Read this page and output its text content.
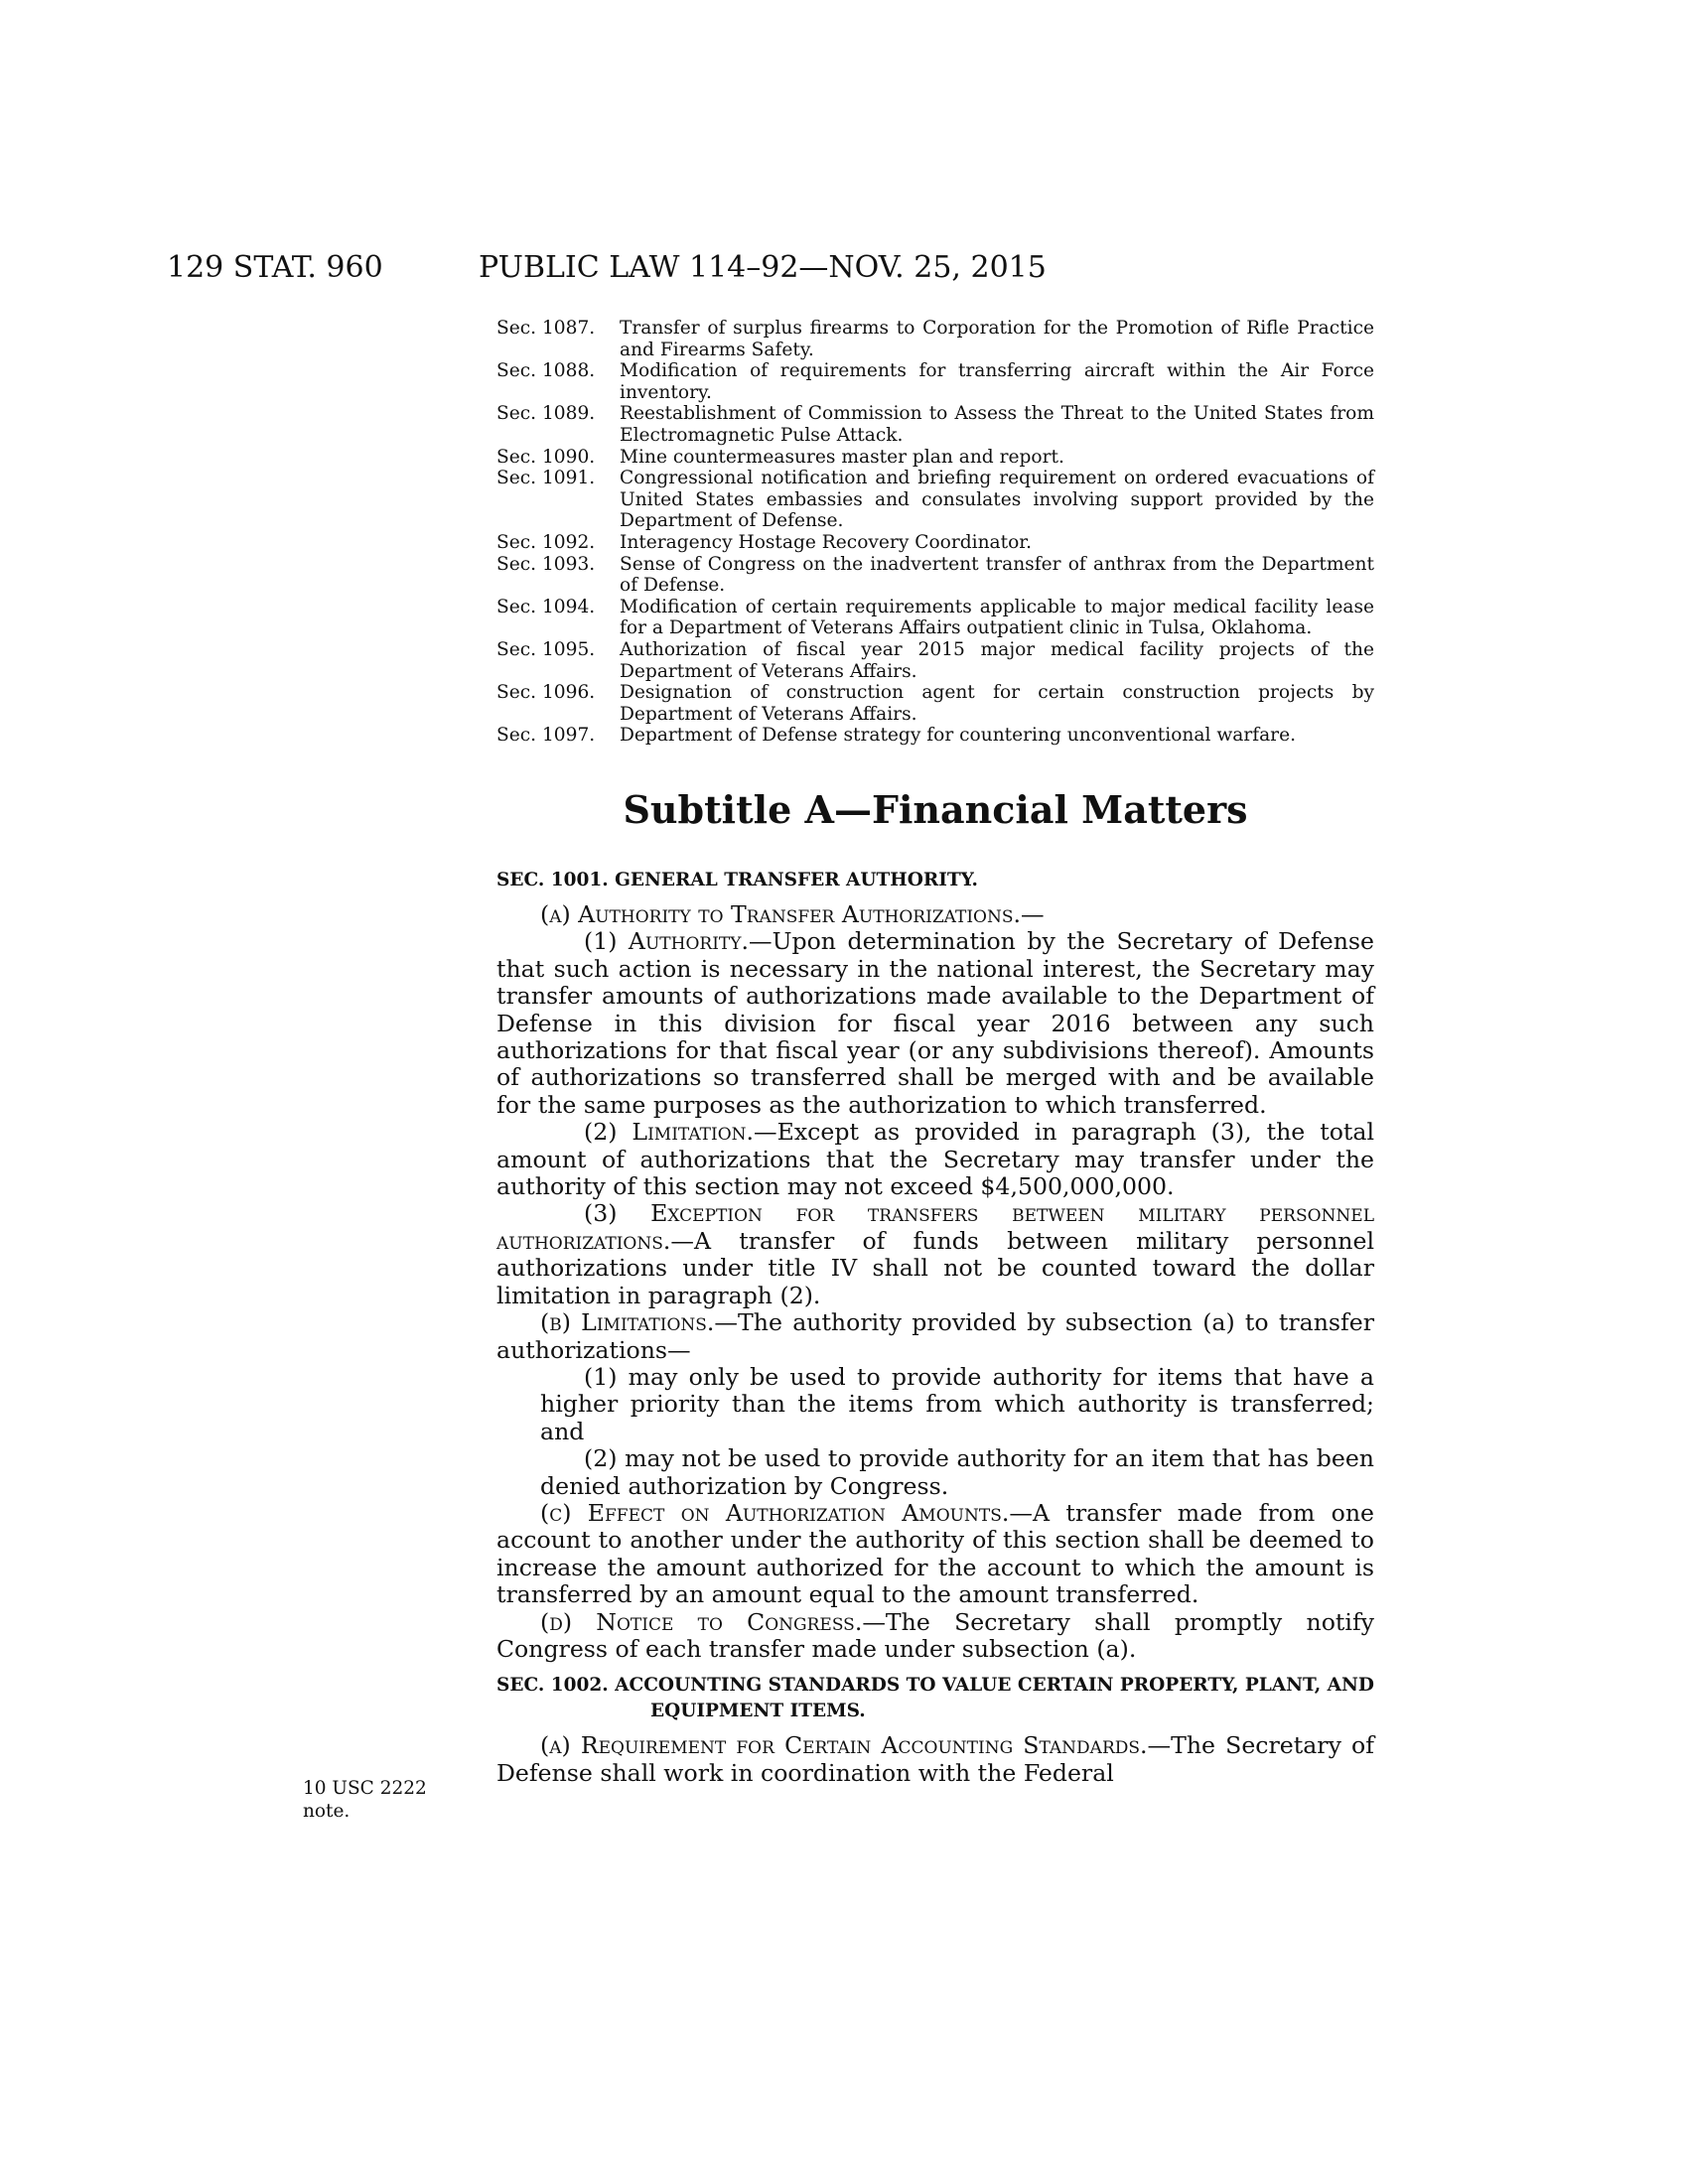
129 STAT. 960	PUBLIC LAW 114–92—NOV. 25, 2015
Sec. 1087.	Transfer of surplus firearms to Corporation for the Promotion of Rifle Practice and Firearms Safety.
Sec. 1088.	Modification of requirements for transferring aircraft within the Air Force inventory.
Sec. 1089.	Reestablishment of Commission to Assess the Threat to the United States from Electromagnetic Pulse Attack.
Sec. 1090.	Mine countermeasures master plan and report.
Sec. 1091.	Congressional notification and briefing requirement on ordered evacuations of United States embassies and consulates involving support provided by the Department of Defense.
Sec. 1092.	Interagency Hostage Recovery Coordinator.
Sec. 1093.	Sense of Congress on the inadvertent transfer of anthrax from the Department of Defense.
Sec. 1094.	Modification of certain requirements applicable to major medical facility lease for a Department of Veterans Affairs outpatient clinic in Tulsa, Oklahoma.
Sec. 1095.	Authorization of fiscal year 2015 major medical facility projects of the Department of Veterans Affairs.
Sec. 1096.	Designation of construction agent for certain construction projects by Department of Veterans Affairs.
Sec. 1097.	Department of Defense strategy for countering unconventional warfare.
Subtitle A—Financial Matters
SEC. 1001. GENERAL TRANSFER AUTHORITY.
(a) Authority to Transfer Authorizations.—
(1) Authority.—Upon determination by the Secretary of Defense that such action is necessary in the national interest, the Secretary may transfer amounts of authorizations made available to the Department of Defense in this division for fiscal year 2016 between any such authorizations for that fiscal year (or any subdivisions thereof). Amounts of authorizations so transferred shall be merged with and be available for the same purposes as the authorization to which transferred.
(2) Limitation.—Except as provided in paragraph (3), the total amount of authorizations that the Secretary may transfer under the authority of this section may not exceed $4,500,000,000.
(3) Exception for transfers between military personnel authorizations.—A transfer of funds between military personnel authorizations under title IV shall not be counted toward the dollar limitation in paragraph (2).
(b) Limitations.—The authority provided by subsection (a) to transfer authorizations—
(1) may only be used to provide authority for items that have a higher priority than the items from which authority is transferred; and
(2) may not be used to provide authority for an item that has been denied authorization by Congress.
(c) Effect on Authorization Amounts.—A transfer made from one account to another under the authority of this section shall be deemed to increase the amount authorized for the account to which the amount is transferred by an amount equal to the amount transferred.
(d) Notice to Congress.—The Secretary shall promptly notify Congress of each transfer made under subsection (a).
SEC. 1002. ACCOUNTING STANDARDS TO VALUE CERTAIN PROPERTY, PLANT, AND EQUIPMENT ITEMS.
(a) Requirement for Certain Accounting Standards.—The Secretary of Defense shall work in coordination with the Federal
10 USC 2222 note.
